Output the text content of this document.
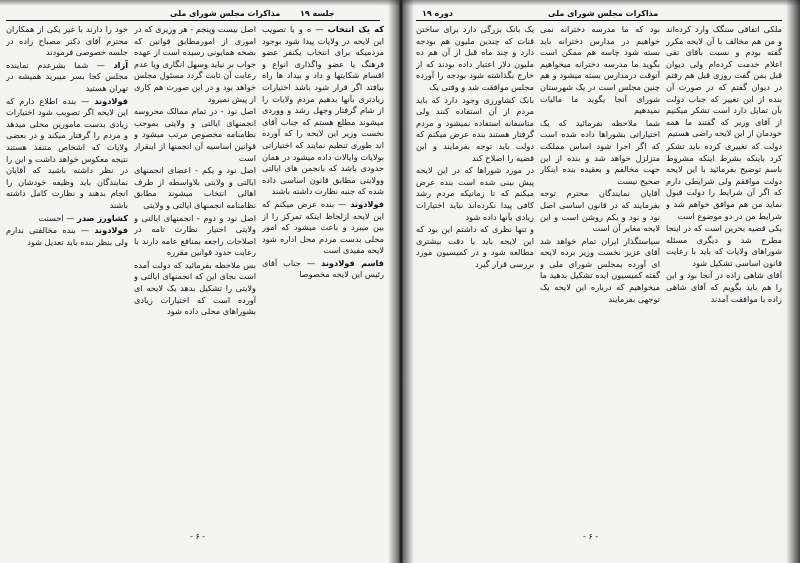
مذاکرات مجلس شورای ملی جلسه ۱۹

که یک انتخاب — ه و با تصویب این لایحه در ولایات پیدا شود بوجود مردمیکه برای انتخاب یکنفر عضو فرهنگ یا عضو واگذاری انواع و اقسام شکایتها و داد و بیداد ها راه بیافتد اگر قرار شود باشد اختیارات زیادتری بآنها بدهیم مردم ولایات را از شام گرفتار وجهل رشد و ووردی میشوند مطلع هستم که جناب آقای نخست وزیر این لایحه را که آورده اند طوری تنظیم نمایند که اختیاراتی بولایات وایالات داده میشود در همان حدودی باشد که بانجمن های ایالتی وولایتی مطابق قانون اساسی داده شده که جنبه نظارت داشته باشند

فولادوند — بنده عرض میکنم که این لایحه ازلحاظ اینکه تمرکز را از بین میبرد و باعث میشود که امور محلی بدست مردم محل اداره شود لایحه مفیدی است

قاسم فولادوند — جناب آقای رئیس این لایحه مخصوصا

اصل بیست وپنجم - هر وزیری که در اموری از امورمطابق قوانین که بصحه همایونی رسیده است از عهده جواب بر نیاید وسهل انگاری ویا عدم رعایت آن ثابت گردد مسئول مجلس خواهد بود و در این صورت هم کاری از پیش نمیرود

اصل نود - در تمام ممالک محروسه انجمنهای ایالتی و ولایتی بموجب نظامنامه مخصوص مرتب میشود و قوانین اساسیه آن انجمنها از اینقرار است

اصل نود و یکم - اعضای انجمنهای ایالتی و ولایتی بلاواسطه از طرف اهالی انتخاب میشوند مطابق نظامنامه انجمنهای ایالتی و ولایتی

اصل نود و دوم - انجمنهای ایالتی و ولایتی اختیار نظارت تامه در اصلاحات راجعه بمنافع عامه دارند با رعایت حدود قوانین مقرره

بس ملاحظه بفرمائید که دولت آمده است بجای این که انجمنهای ایالتی و ولایتی را تشکیل بدهد یک لایحه ای آورده است که اختیارات زیادی بشوراهای محلی داده شود

خود را دارند با غیر یکی از همکاران محترم آقای دکتر مصباح زاده در جلسه خصوصی فرمودند

آزاد — شما بشرعدم نماینده مجلس کجا بسر میبرید همیشه در تهران هستید

فولادوند — بنده اطلاع دارم که این لایحه اگر تصویب شود اختیارات زیادی بدست مامورین محلی میدهد و مردم را گرفتار میکند و در بعضی ولایات که اشخاص متنفذ هستند نتیجه معکوس خواهد داشت و این را در نظر داشته باشید که آقایان نمایندگان باید وظیفه خودشان را انجام بدهند و نظارت کامل داشته باشند

کشاورز صدر — احسنت

فولادوند — بنده مخالفتی ندارم ولی بنظر بنده باید تعدیل شود

- ۶ -
مذاکرات مجلس شورای ملی
دوره ۱۹

ملکی اتفاقی سنگک وارد کرده‌اند و من هم مخالف با آن لایحه مکرر گفته بودم و نسبت بآقای تقی اعلام خدمت کرده‌ام ولی دیوان قبل بمن گفت روزی قبل هم رفتم در دیوان گفتم که در صورت آن بنده از این تغییر که جناب دولت بآن تمایل دارد است تشکر میکنیم از آقای وزیر که گفتند ما همه خودمان از این لایحه راضی هستیم

دولت که تغییری کرده باید تشکر کرد باینکه بشرط اینکه مشروط باسم توضیح بفرمائید با این لایحه دولت موافقم ولی شرایطی دارم که اگر آن شرایط را دولت قبول نماید من هم موافق خواهم شد و شرایط من در دو موضوع است

یکی قضیه بحرین است که در اینجا مطرح شد و دیگری مسئله شوراهای ولایات که باید با رعایت قانون اساسی تشکیل شود

آقای شاهی زاده در آنجا بود و این را هم باید بگویم که آقای شاهی زاده با موافقت آمدند

بود که ما مدرسه دخترانه نمی خواهیم در مدارس دخترانه باید بسته شود چاسه هم ممکن است بگوید ما مدرسه دخترانه میخواهیم آنوقت درمدارس بسته میشود و هم چنین مجلس است در یک شهرستان شورای آنجا بگوید ما مالیات نمیدهیم

شما ملاحظه بفرمائید که یک اختیاراتی بشوراها داده شده است که اگر اجرا شود اساس مملکت متزلزل خواهد شد و بنده از این جهت مخالفم و بعقیده بنده اینکار صحیح نیست

آقایان نمایندگان محترم توجه بفرمایند که در قانون اساسی اصل نود و نود و یکم روشن است و این لایحه مغایر آن است

سیاستگذار ایران تمام خواهد شد آقای عزیز نخست وزیر برده لایحه ای آورده بمجلس شورای ملی و گفته کمیسیون ایده تشکیل بدهید ما میخواهیم که درباره این لایحه یک توجهی بفرمایند

یک بانک بزرگی دارد برای ساختن قنات که چندین ملیون هم بودجه دارد و چند ماه قبل از آن هم ده ملیون دلار اعتبار داده بودند که از خارج بگذاشته شود بودجه را آورده مجلس موافقت شد و وقتی یک

بانک کشاورزی وجود دارد که باید مردم از آن استفاده کنند ولی متاسفانه استفاده نمیشود و مردم گرفتار هستند بنده عرض میکنم که دولت باید توجه بفرمایند و این قضیه را اصلاح کند

در مورد شوراها که در این لایحه پیش بینی شده است بنده عرض میکنم که تا زمانیکه مردم رشد کافی پیدا نکرده‌اند نباید اختیارات زیادی بآنها داده شود

و تنها نظری که داشتم این بود که این لایحه باید با دقت بیشتری مطالعه شود و در کمیسیون مورد بررسی قرار گیرد

- ۶ -
